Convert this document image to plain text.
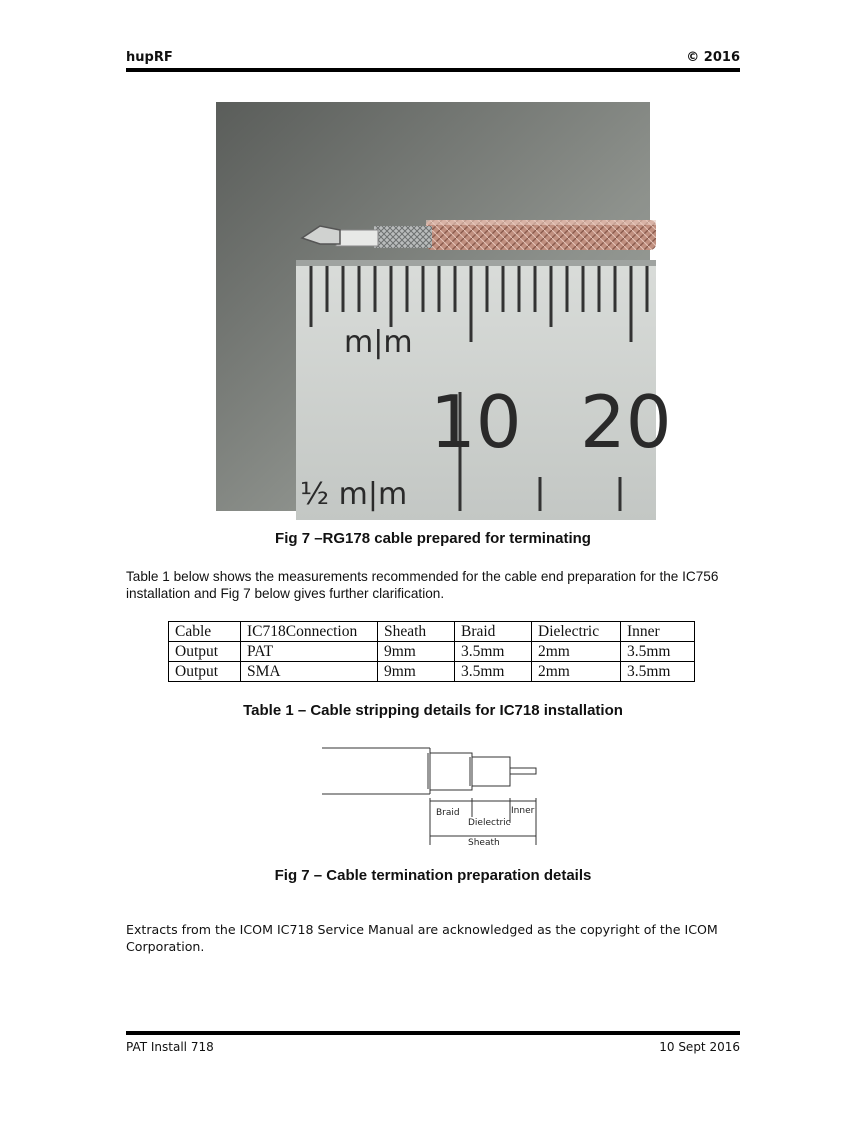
hupRF	© 2016
m|m
10 20
½ m|m
Fig 7 –RG178 cable prepared for terminating
Table 1 below shows the measurements recommended for the cable end preparation for the IC756 installation and Fig 7 below gives further clarification.
Cable	IC718Connection	Sheath	Braid	Dielectric	Inner
Output	PAT	9mm	3.5mm	2mm	3.5mm
Output	SMA	9mm	3.5mm	2mm	3.5mm
Table 1 – Cable stripping details for IC718 installation
Braid	Inner
Dielectric
Sheath
Fig 7 – Cable termination preparation details
Extracts from the ICOM IC718 Service Manual are acknowledged as the copyright of the ICOM Corporation.
PAT Install 718	10 Sept 2016
